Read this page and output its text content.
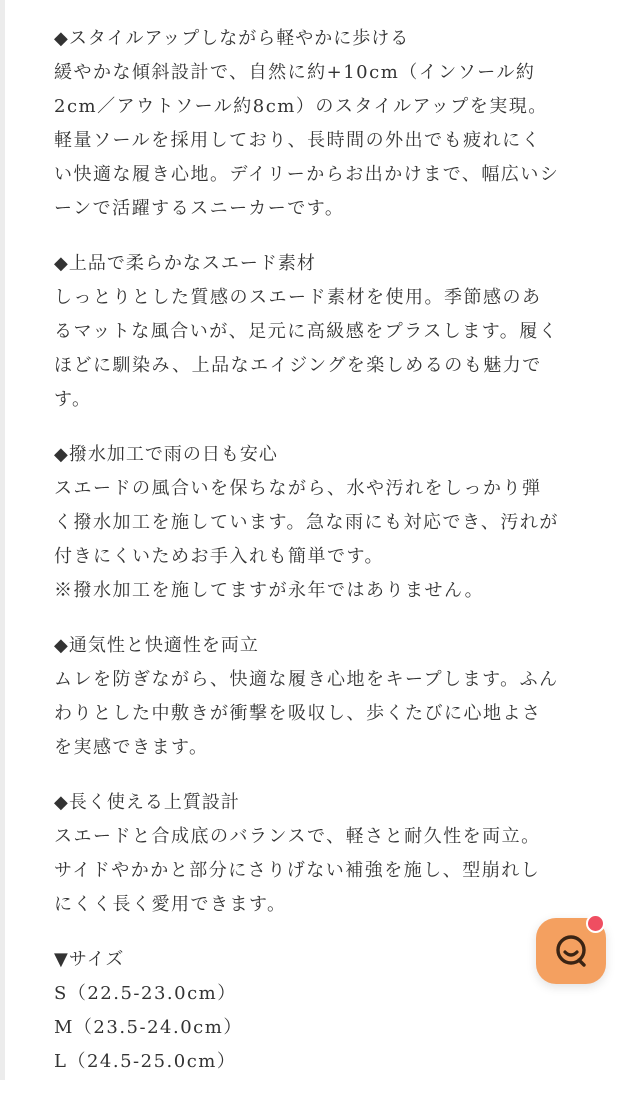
◆スタイルアップしながら軽やかに歩ける
緩やかな傾斜設計で、自然に約+10cm（インソール約
2cm／アウトソール約8cm）のスタイルアップを実現。
軽量ソールを採用しており、長時間の外出でも疲れにく
い快適な履き心地。デイリーからお出かけまで、幅広いシ
ーンで活躍するスニーカーです。
◆上品で柔らかなスエード素材
しっとりとした質感のスエード素材を使用。季節感のあ
るマットな風合いが、足元に高級感をプラスします。履く
ほどに馴染み、上品なエイジングを楽しめるのも魅力で
す。
◆撥水加工で雨の日も安心
スエードの風合いを保ちながら、水や汚れをしっかり弾
く撥水加工を施しています。急な雨にも対応でき、汚れが
付きにくいためお手入れも簡単です。
※撥水加工を施してますが永年ではありません。
◆通気性と快適性を両立
ムレを防ぎながら、快適な履き心地をキープします。ふん
わりとした中敷きが衝撃を吸収し、歩くたびに心地よさ
を実感できます。
◆長く使える上質設計
スエードと合成底のバランスで、軽さと耐久性を両立。
サイドやかかと部分にさりげない補強を施し、型崩れし
にくく長く愛用できます。
▼サイズ
S（22.5-23.0cm）
M（23.5-24.0cm）
L（24.5-25.0cm）
